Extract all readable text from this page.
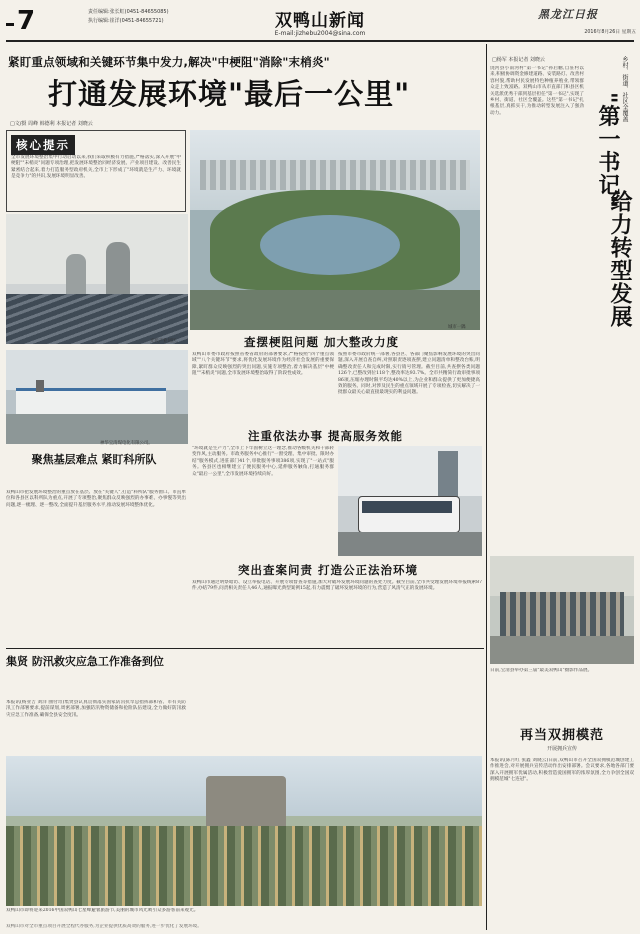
7	责任编辑:张长虹(0451-84655085)
执行编辑:崔洋(0451-84655721)	双鸭山新闻
E-mail:jizhebu2004@sina.com
黑龙江日报
2016年8月26日 星期五
紧盯重点领域和关键环节集中发力,解决"中梗阻"消除"末梢炎"
打通发展环境"最后一公里"
□文/摄 周峰 韩德利 本报记者 刘晓云
核心提示
全市发展环境整治集中行动启动以来,我们采取积极有力措施,严格落实,深入开展"中梗阻""末梢炎"问题专项治理,把发展环境整治同经济发展、产业项目建设、改善民生紧密结合起来,着力打造服务型政府机关,全市上下形成了"环境就是生产力、环境就是竞争力"的共识,发展环境明显改善。
光伏产业园区。
神华宝清煤电化有限公司。
城市一隅
查摆梗阻问题 加大整改力度
双鸭山市委市政府按照省委省政府的部署要求,严格按照"四个重点领域""八个关键环节"要求,将优化发展环境作为经济社会发展的重要保障,紧盯群众反映强烈的突出问题,实施专项整治,着力解决基层"中梗阻""末梢炎"问题,全市发展环境整治取得了阶段性成效。
按照市委市政府统一部署,各县区、各部门聚焦影响发展环境的突出问题,深入开展自查自纠,对照职责逐项查摆,建立问题清单和整改台账,明确整改责任人和完成时限,实行销号管理。截至目前,共查摆各类问题126个,已整改到位118个,整改率达93.7%。全市共精简行政审批事项86项,压缩办理时限平均达40%以上,为企业和群众提供了更加便捷高效的服务。同时,对涉及民生的重点领域开展了专项检查,切实解决了一批群众最关心最直接最现实的利益问题。
注重依法办事 提高服务效能
"环境就是生产力",全市上下牢固树立这一理念,推动各级机关和干部转变作风,主动服务。市政务服务中心推行"一窗受理、集中审批、限时办结"服务模式,进驻部门41个,审批服务事项386项,实现了"一站式"服务。各县区也相继建立了便民服务中心,延伸服务触角,打通服务群众"最后一公里",全市发展环境持续向好。
突出查案问责 打造公正法治环境
双鸭山市通过明察暗访、设立举报电话、开展专项督查等措施,加大对破坏发展环境问题的查处力度。截至目前,全市共受理发展环境举报线索87件,办结79件,问责相关责任人46人,通报曝光典型案例15起,有力震慑了破坏发展环境的行为,营造了风清气正的发展环境。
聚焦基层难点 紧盯科所队
双鸭山市把发展环境整治的重点放在基层、放在"关键人",打造"科所队"服务窗口。市直单位和各县区以科所队为重点,开展了专项整治,聚焦群众反映强烈的办事难、办事慢等突出问题,逐一梳理、逐一整改,全面提升基层服务水平,推动发展环境整体优化。
集贤 防汛救灾应急工作准备到位
本报讯(杨业吉 刘洋 曲付奇)集贤县认真贯彻落实国家防汛抗旱总指挥部和省、市有关防汛工作部署要求,提前谋划,周密部署,加强防汛物资储备和抢险队伍建设,全力做好防汛救灾应急工作准备,确保全县安全度汛。
双鸭山市即将迎来2016中国双鸭山七星峰避暑旅游节,美丽的城市风光吸引众多游客前来观光。
乡村、街道、社区全覆盖
"第一书记"
给力转型发展
□杨军 本报记者 刘晓云
饶河县小南河村"第一书记"孙启鹏,自驻村以来,积极协调资金修建道路、安装路灯、改善村容村貌,帮助村民发展特色种植养殖业,带领群众走上致富路。双鸭山市从市直部门和县区机关选派优秀干部到基层担任"第一书记",实现了乡村、街道、社区全覆盖。这些"第一书记"扎根基层,真抓实干,为推动转型发展注入了强劲动力。
日前,宝清县举办第三届"最美双鸭山"摄影作品展。
再当双拥模范
开展拥兵宣传
本报讯(陈月红 张鑫 刘晓云)日前,双鸭山市召开全国双拥模范城创建工作推进会,对开展拥兵宣传活动作出安排部署。会议要求,各地各部门要深入开展拥军优属活动,积极营造爱国拥军的浓厚氛围,全力争创全国双拥模范城"七连冠"。
双鸭山市对全市重点项目开展全程代办服务,为企业提供优质高效的服务,进一步优化了发展环境。
